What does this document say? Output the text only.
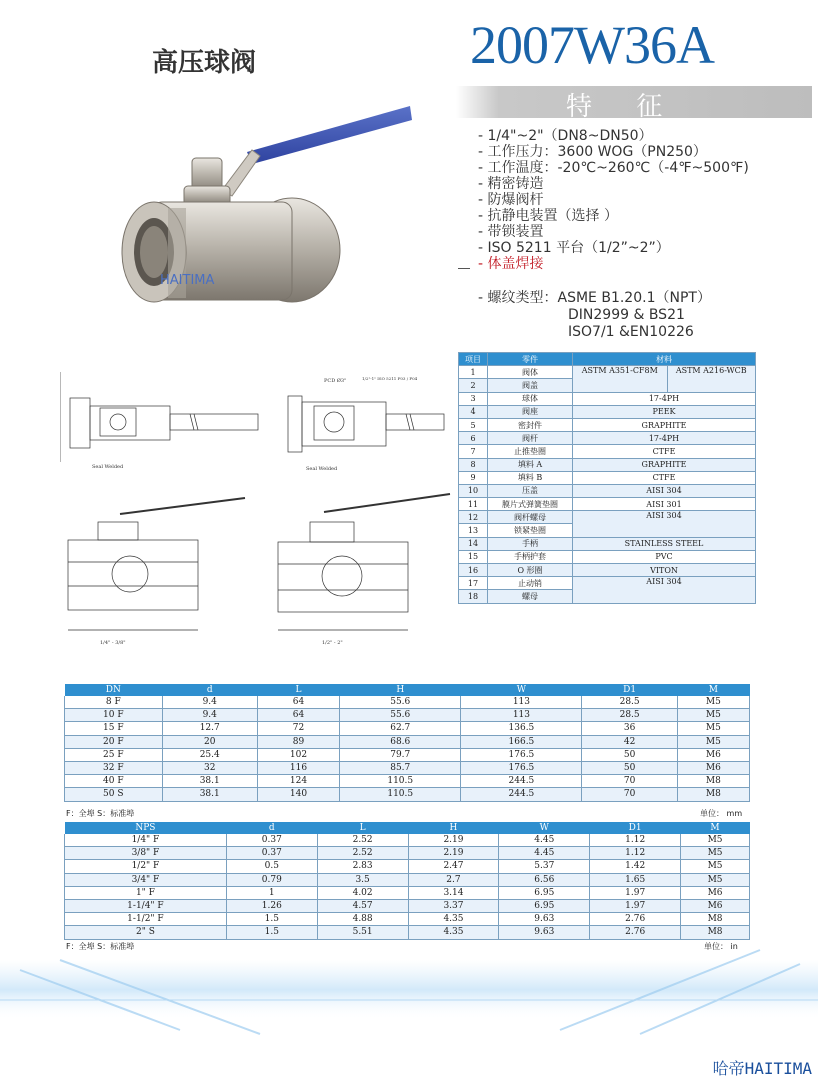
2007W36A
高压球阀
特 征
- 1/4"~2"（DN8~DN50）
- 工作压力：3600 WOG（PN250）
- 工作温度：-20℃~260℃（-4℉~500℉)
- 精密铸造
- 防爆阀杆
- 抗静电装置（选择 ）
- 带锁装置
- ISO 5211 平台（1/2”~2”）
- 体盖焊接
- 螺纹类型：ASME B1.20.1（NPT）
DIN2999 & BS21
ISO7/1 &EN10226
HAITIMA
Seal Welded
PCD Ø3"	1/2"-1" ISO 5211 F03 / F04
Seal Welded
1/4" - 3/8"	1/2" - 2"
项目	零件	材料	
1	阀体	ASTM A351-CF8M	ASTM A216-WCB
2	阀盖		
3	球体	17-4PH	
4	阀座	PEEK	
5	密封件	GRAPHITE	
6	阀杆	17-4PH	
7	止推垫圈	CTFE	
8	填料 A	GRAPHITE	
9	填料 B	CTFE	
10	压盖	AISI 304	
11	膜片式弹簧垫圈	AISI 301	
12	阀杆螺母	AISI 304	
13	锁紧垫圈		
14	手柄	STAINLESS STEEL	
15	手柄护套	PVC	
16	O 形圈	VITON	
17	止动销	AISI 304	
18	螺母		
DN	d	L	H	W	D1	M
8 F	9.4	64	55.6	113	28.5	M5
10 F	9.4	64	55.6	113	28.5	M5
15 F	12.7	72	62.7	136.5	36	M5
20 F	20	89	68.6	166.5	42	M5
25 F	25.4	102	79.7	176.5	50	M6
32 F	32	116	85.7	176.5	50	M6
40 F	38.1	124	110.5	244.5	70	M8
50 S	38.1	140	110.5	244.5	70	M8
F：全埠 S：标准埠	单位： mm
NPS	d	L	H	W	D1	M
1/4" F	0.37	2.52	2.19	4.45	1.12	M5
3/8" F	0.37	2.52	2.19	4.45	1.12	M5
1/2" F	0.5	2.83	2.47	5.37	1.42	M5
3/4" F	0.79	3.5	2.7	6.56	1.65	M5
1" F	1	4.02	3.14	6.95	1.97	M6
1-1/4" F	1.26	4.57	3.37	6.95	1.97	M6
1-1/2" F	1.5	4.88	4.35	9.63	2.76	M8
2" S	1.5	5.51	4.35	9.63	2.76	M8
F：全埠 S：标准埠	单位： in
哈帝HAITIMA
